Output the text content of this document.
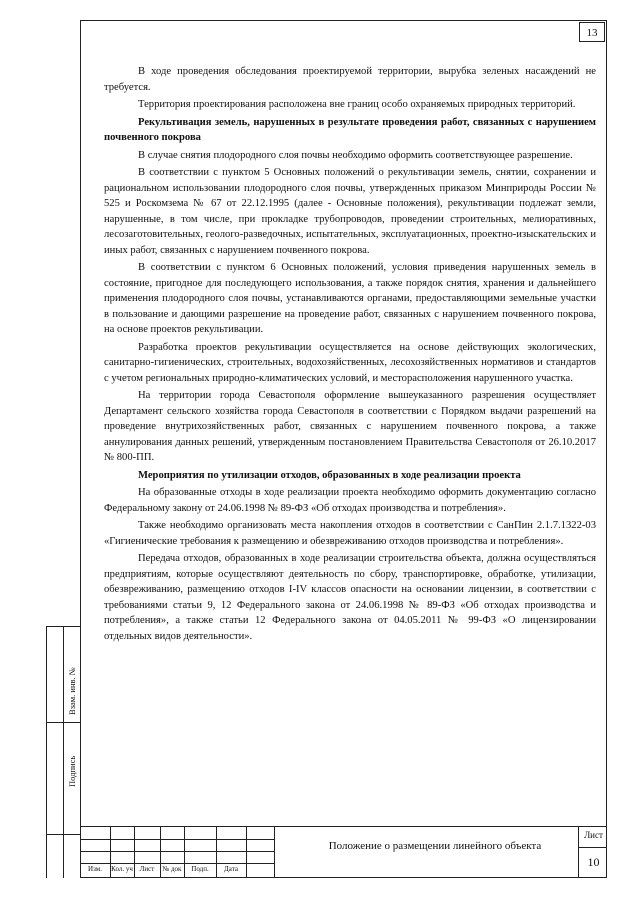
13

В ходе проведения обследования проектируемой территории, вырубка зеленых насаждений не требуется.

Территория проектирования расположена вне границ особо охраняемых природных территорий.

Рекультивация земель, нарушенных в результате проведения работ, связанных с нарушением почвенного покрова

В случае снятия плодородного слоя почвы необходимо оформить соответствующее разрешение.

В соответствии с пунктом 5 Основных положений о рекультивации земель, снятии, сохранении и рациональном использовании плодородного слоя почвы, утвержденных приказом Минприроды России № 525 и Роскомзема № 67 от 22.12.1995 (далее - Основные положения), рекультивации подлежат земли, нарушенные, в том числе, при прокладке трубопроводов, проведении строительных, мелиоративных, лесозаготовительных, геолого-разведочных, испытательных, эксплуатационных, проектно-изыскательских и иных работ, связанных с нарушением почвенного покрова.

В соответствии с пунктом 6 Основных положений, условия приведения нарушенных земель в состояние, пригодное для последующего использования, а также порядок снятия, хранения и дальнейшего применения плодородного слоя почвы, устанавливаются органами, предоставляющими земельные участки в пользование и дающими разрешение на проведение работ, связанных с нарушением почвенного покрова, на основе проектов рекультивации.

Разработка проектов рекультивации осуществляется на основе действующих экологических, санитарно-гигиенических, строительных, водохозяйственных, лесохозяйственных нормативов и стандартов с учетом региональных природно-климатических условий, и месторасположения нарушенного участка.

На территории города Севастополя оформление вышеуказанного разрешения осуществляет Департамент сельского хозяйства города Севастополя в соответствии с Порядком выдачи разрешений на проведение внутрихозяйственных работ, связанных с нарушением почвенного покрова, а также аннулирования данных решений, утвержденным постановлением Правительства Севастополя от 26.10.2017 № 800-ПП.

Мероприятия по утилизации отходов, образованных в ходе реализации проекта

На образованные отходы в ходе реализации проекта необходимо оформить документацию согласно Федеральному закону от 24.06.1998 № 89-ФЗ «Об отходах производства и потребления».

Также необходимо организовать места накопления отходов в соответствии с СанПин 2.1.7.1322-03 «Гигиенические требования к размещению и обезвреживанию отходов производства и потребления».

Передача отходов, образованных в ходе реализации строительства объекта, должна осуществляться предприятиям, которые осуществляют деятельность по сбору, транспортировке, обработке, утилизации, обезвреживанию, размещению отходов I-IV классов опасности на основании лицензии, в соответствии с требованиями статьи 9, 12 Федерального закона от 24.06.1998 № 89-ФЗ «Об отходах производства и потребления», а также статьи 12 Федерального закона от 04.05.2011 № 99-ФЗ «О лицензировании отдельных видов деятельности».

Взам. инв. №
Подпись
Изм.	Кол. уч Лист	№ док	Подп.	Дата
Положение о размещении линейного объекта
Лист
10
